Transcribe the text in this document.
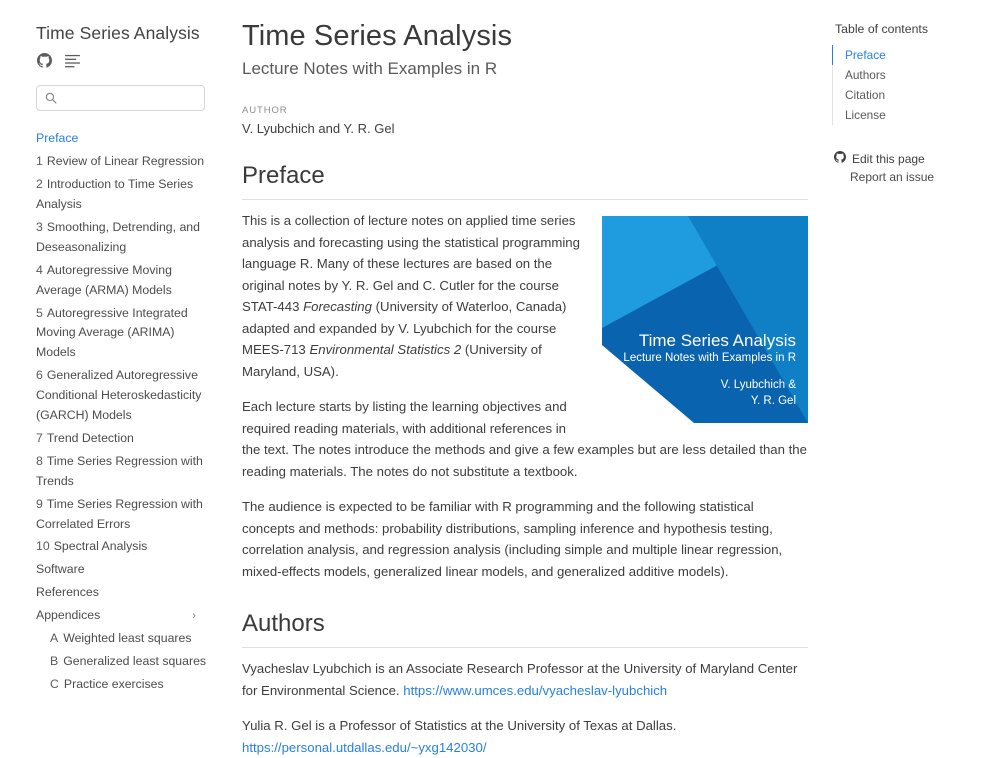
Time Series Analysis
Preface
1 Review of Linear Regression
2 Introduction to Time Series Analysis
3 Smoothing, Detrending, and Deseasonalizing
4 Autoregressive Moving Average (ARMA) Models
5 Autoregressive Integrated Moving Average (ARIMA) Models
6 Generalized Autoregressive Conditional Heteroskedasticity (GARCH) Models
7 Trend Detection
8 Time Series Regression with Trends
9 Time Series Regression with Correlated Errors
10 Spectral Analysis
Software
References
Appendices	›
A Weighted least squares
B Generalized least squares
C Practice exercises
Time Series Analysis
Lecture Notes with Examples in R
AUTHOR
V. Lyubchich and Y. R. Gel
Preface
Time Series Analysis
Lecture Notes with Examples in R
V. Lyubchich &
Y. R. Gel

This is a collection of lecture notes on applied time series analysis and forecasting using the statistical programming language R. Many of these lectures are based on the original notes by Y. R. Gel and C. Cutler for the course STAT-443 Forecasting (University of Waterloo, Canada) adapted and expanded by V. Lyubchich for the course MEES-713 Environmental Statistics 2 (University of Maryland, USA).

Each lecture starts by listing the learning objectives and required reading materials, with additional references in the text. The notes introduce the methods and give a few examples but are less detailed than the reading materials. The notes do not substitute a textbook.

The audience is expected to be familiar with R programming and the following statistical concepts and methods: probability distributions, sampling inference and hypothesis testing, correlation analysis, and regression analysis (including simple and multiple linear regression, mixed-effects models, generalized linear models, and generalized additive models).

Authors

Vyacheslav Lyubchich is an Associate Research Professor at the University of Maryland Center for Environmental Science. https://www.umces.edu/vyacheslav-lyubchich

Yulia R. Gel is a Professor of Statistics at the University of Texas at Dallas.
https://personal.utdallas.edu/~yxg142030/

Table of contents
Preface
Authors
Citation
License
Edit this page
Report an issue
